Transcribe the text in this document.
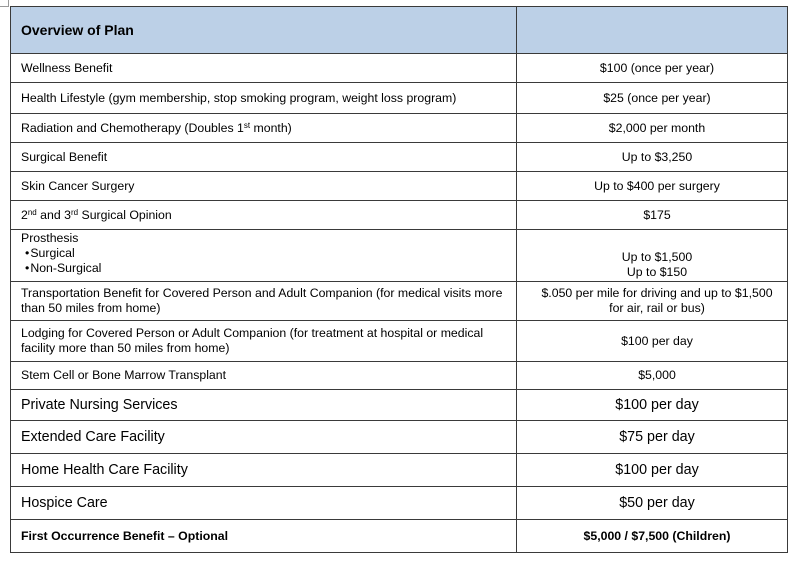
Overview of Plan	
Wellness Benefit	$100 (once per year)
Health Lifestyle (gym membership, stop smoking program, weight loss program)	$25 (once per year)
Radiation and Chemotherapy (Doubles 1st month)	$2,000 per month
Surgical Benefit	Up to $3,250
Skin Cancer Surgery	Up to $400 per surgery
2nd and 3rd Surgical Opinion	$175

Prosthesis
•Surgical
•Non-Surgical	Up to $1,500
Up to $150

Transportation Benefit for Covered Person and Adult Companion (for medical visits more than 50 miles from home)	$.050 per mile for driving and up to $1,500
for air, rail or bus)

Lodging for Covered Person or Adult Companion (for treatment at hospital or medical facility more than 50 miles from home)	$100 per day
Stem Cell or Bone Marrow Transplant	$5,000
Private Nursing Services	$100 per day
Extended Care Facility	$75 per day
Home Health Care Facility	$100 per day
Hospice Care	$50 per day
First Occurrence Benefit – Optional	$5,000 / $7,500 (Children)
